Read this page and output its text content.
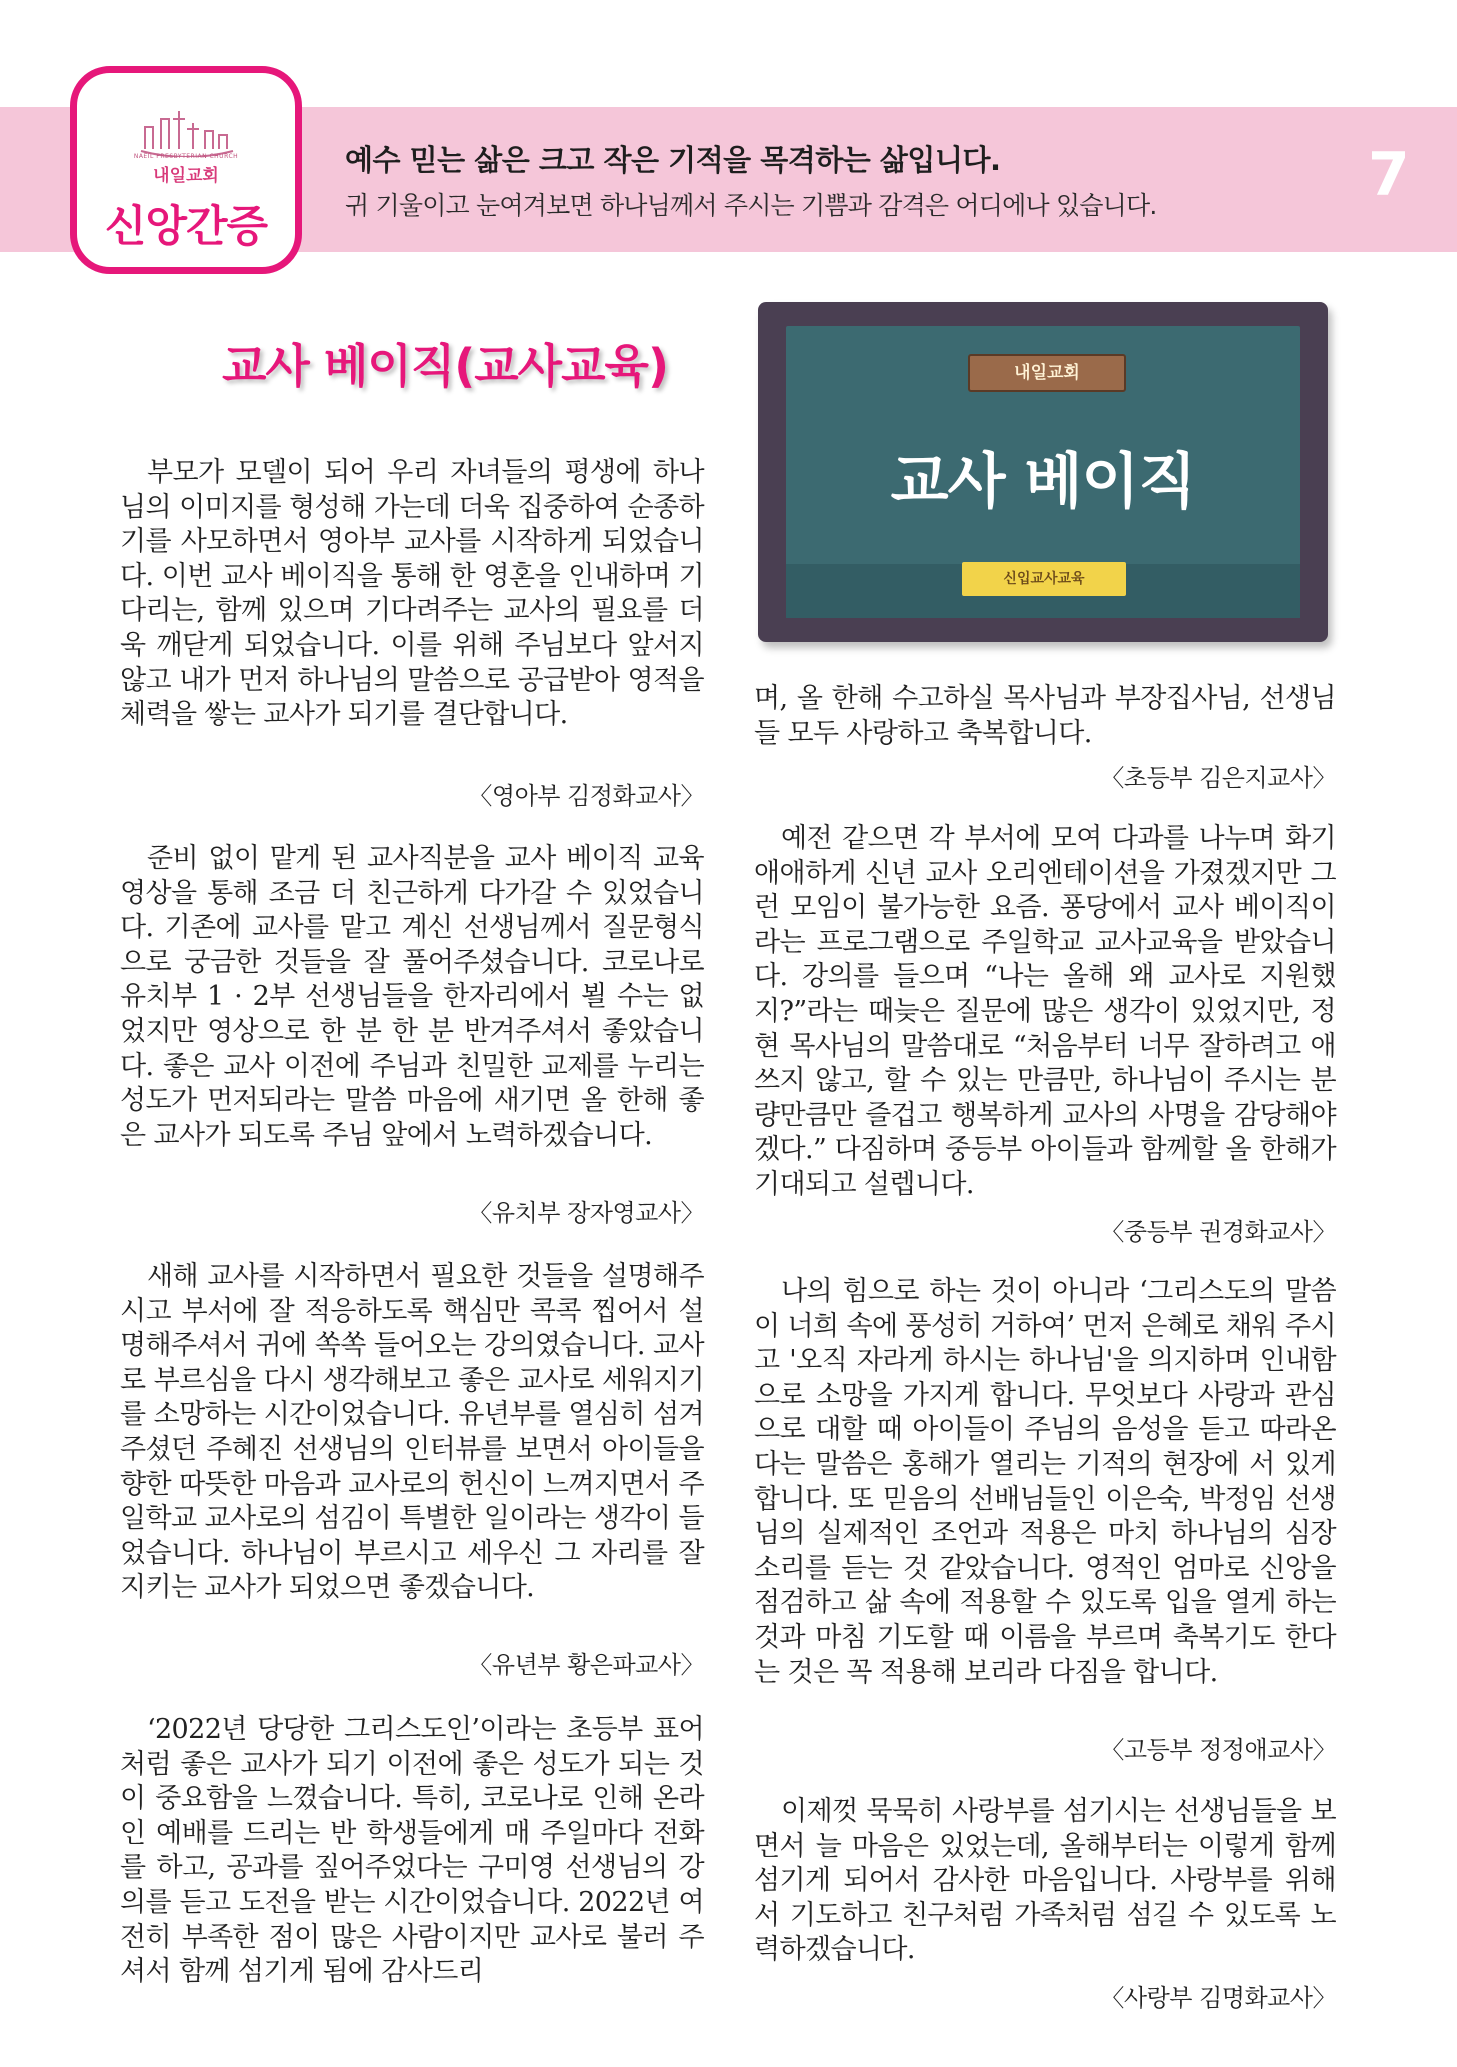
NAEIL PRESBYTERIAN CHURCH
내일교회
신앙간증
예수 믿는 삶은 크고 작은 기적을 목격하는 삶입니다.
귀 기울이고 눈여겨보면 하나님께서 주시는 기쁨과 감격은 어디에나 있습니다.	7
교사 베이직(교사교육)	내일교회
교사 베이직
신입교사교육

부모가 모델이 되어 우리 자녀들의 평생에 하나님의 이미지를 형성해 가는데 더욱 집중하여 순종하기를 사모하면서 영아부 교사를 시작하게 되었습니다. 이번 교사 베이직을 통해 한 영혼을 인내하며 기다리는, 함께 있으며 기다려주는 교사의 필요를 더욱 깨닫게 되었습니다. 이를 위해 주님보다 앞서지 않고 내가 먼저 하나님의 말씀으로 공급받아 영적을 체력을 쌓는 교사가 되기를 결단합니다.

〈영아부 김정화교사〉

준비 없이 맡게 된 교사직분을 교사 베이직 교육영상을 통해 조금 더 친근하게 다가갈 수 있었습니다. 기존에 교사를 맡고 계신 선생님께서 질문형식으로 궁금한 것들을 잘 풀어주셨습니다. 코로나로 유치부 1 · 2부 선생님들을 한자리에서 뵐 수는 없었지만 영상으로 한 분 한 분 반겨주셔서 좋았습니다. 좋은 교사 이전에 주님과 친밀한 교제를 누리는 성도가 먼저되라는 말씀 마음에 새기면 올 한해 좋은 교사가 되도록 주님 앞에서 노력하겠습니다.

〈유치부 장자영교사〉

새해 교사를 시작하면서 필요한 것들을 설명해주시고 부서에 잘 적응하도록 핵심만 콕콕 찝어서 설명해주셔서 귀에 쏙쏙 들어오는 강의였습니다. 교사로 부르심을 다시 생각해보고 좋은 교사로 세워지기를 소망하는 시간이었습니다. 유년부를 열심히 섬겨주셨던 주혜진 선생님의 인터뷰를 보면서 아이들을 향한 따뜻한 마음과 교사로의 헌신이 느껴지면서 주일학교 교사로의 섬김이 특별한 일이라는 생각이 들었습니다. 하나님이 부르시고 세우신 그 자리를 잘 지키는 교사가 되었으면 좋겠습니다.

〈유년부 황은파교사〉

‘2022년 당당한 그리스도인’이라는 초등부 표어처럼 좋은 교사가 되기 이전에 좋은 성도가 되는 것이 중요함을 느꼈습니다. 특히, 코로나로 인해 온라인 예배를 드리는 반 학생들에게 매 주일마다 전화를 하고, 공과를 짚어주었다는 구미영 선생님의 강의를 듣고 도전을 받는 시간이었습니다. 2022년 여전히 부족한 점이 많은 사람이지만 교사로 불러 주셔서 함께 섬기게 됨에 감사드리

며, 올 한해 수고하실 목사님과 부장집사님, 선생님들 모두 사랑하고 축복합니다.
〈초등부 김은지교사〉

예전 같으면 각 부서에 모여 다과를 나누며 화기애애하게 신년 교사 오리엔테이션을 가졌겠지만 그런 모임이 불가능한 요즘. 퐁당에서 교사 베이직이라는 프로그램으로 주일학교 교사교육을 받았습니다. 강의를 들으며 “나는 올해 왜 교사로 지원했지?”라는 때늦은 질문에 많은 생각이 있었지만, 정현 목사님의 말씀대로 “처음부터 너무 잘하려고 애쓰지 않고, 할 수 있는 만큼만, 하나님이 주시는 분량만큼만 즐겁고 행복하게 교사의 사명을 감당해야겠다.” 다짐하며 중등부 아이들과 함께할 올 한해가 기대되고 설렙니다.

〈중등부 권경화교사〉

나의 힘으로 하는 것이 아니라 ‘그리스도의 말씀이 너희 속에 풍성히 거하여’ 먼저 은혜로 채워 주시고 '오직 자라게 하시는 하나님'을 의지하며 인내함으로 소망을 가지게 합니다. 무엇보다 사랑과 관심으로 대할 때 아이들이 주님의 음성을 듣고 따라온다는 말씀은 홍해가 열리는 기적의 현장에 서 있게 합니다. 또 믿음의 선배님들인 이은숙, 박정임 선생님의 실제적인 조언과 적용은 마치 하나님의 심장소리를 듣는 것 같았습니다. 영적인 엄마로 신앙을 점검하고 삶 속에 적용할 수 있도록 입을 열게 하는 것과 마침 기도할 때 이름을 부르며 축복기도 한다는 것은 꼭 적용해 보리라 다짐을 합니다.

〈고등부 정정애교사〉

이제껏 묵묵히 사랑부를 섬기시는 선생님들을 보면서 늘 마음은 있었는데, 올해부터는 이렇게 함께 섬기게 되어서 감사한 마음입니다. 사랑부를 위해서 기도하고 친구처럼 가족처럼 섬길 수 있도록 노력하겠습니다.

〈사랑부 김명화교사〉
